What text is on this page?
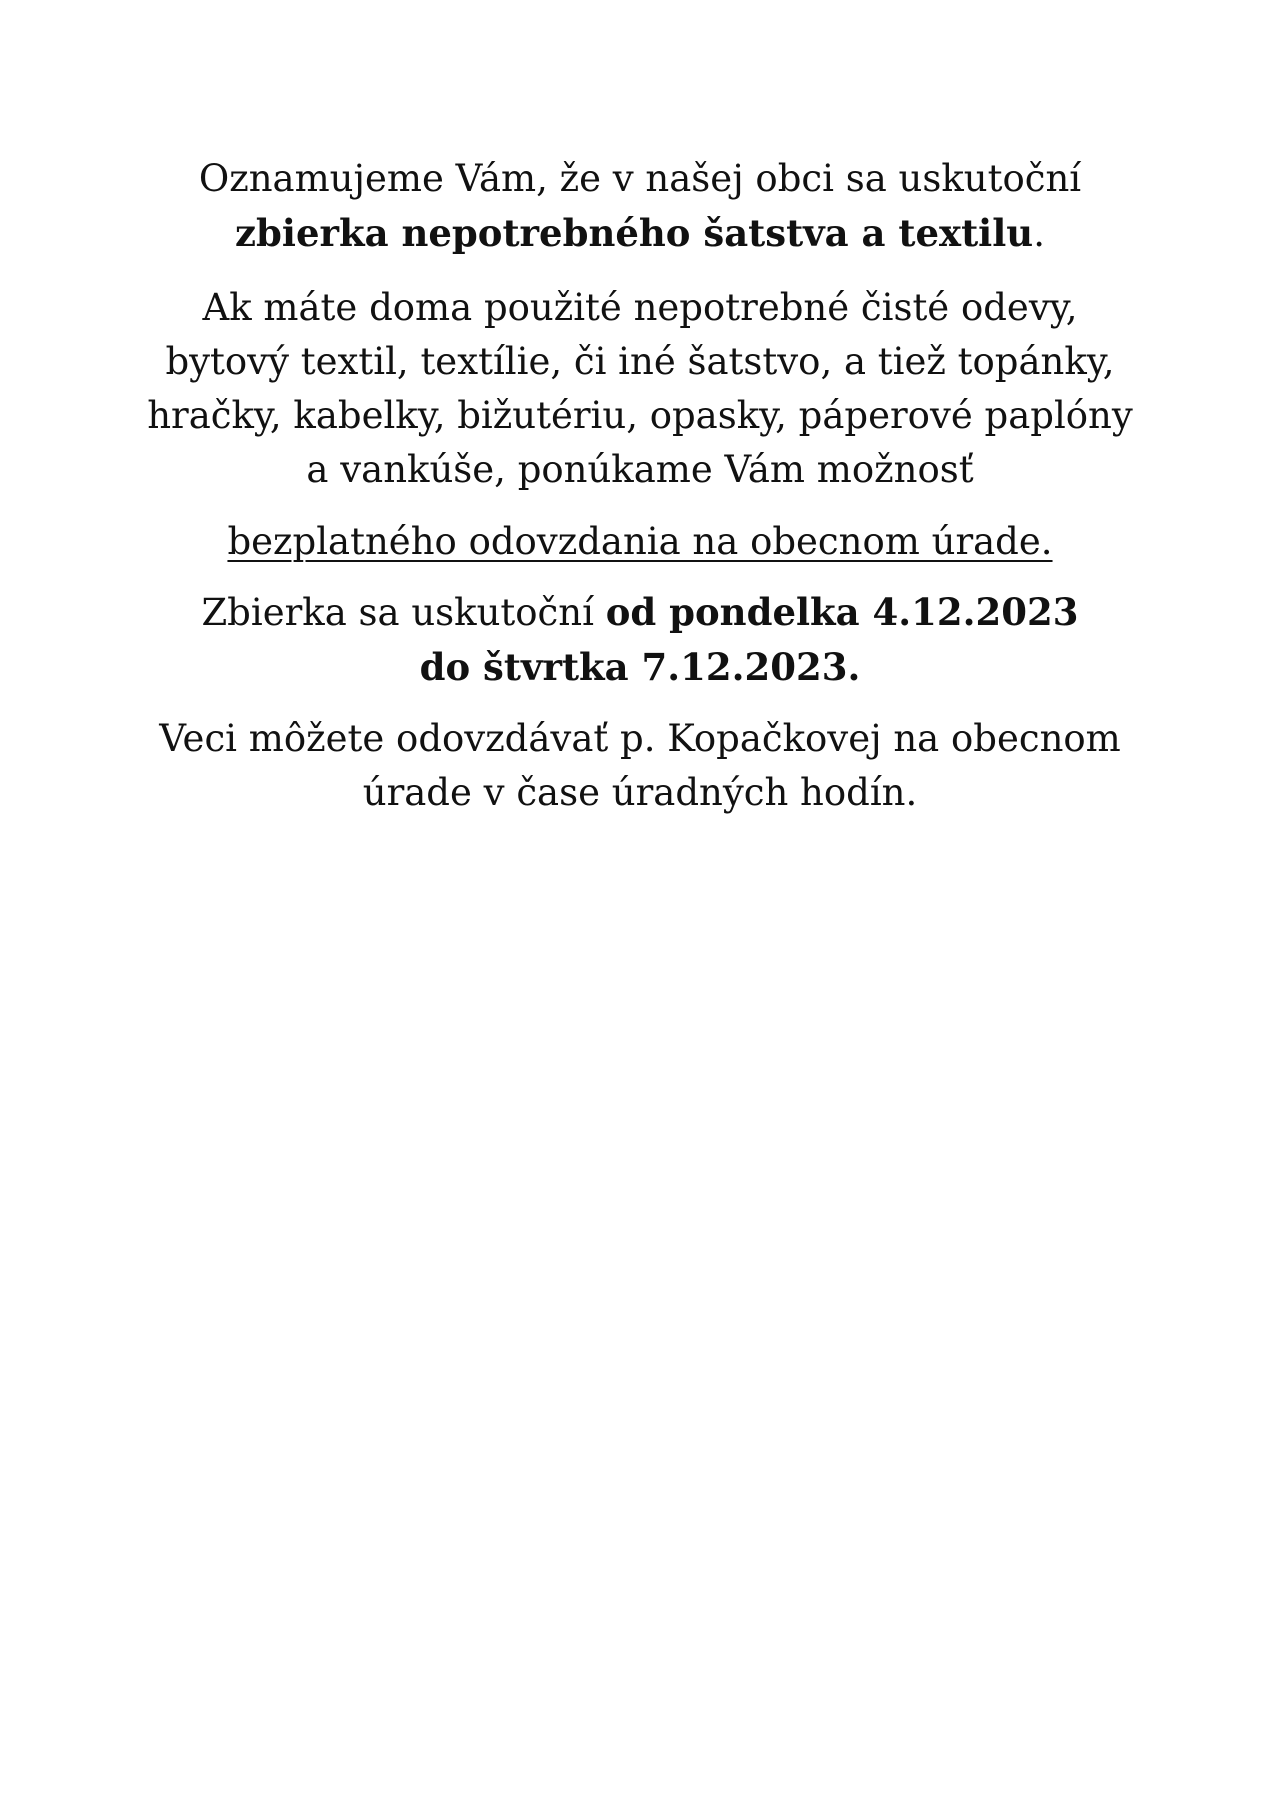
Oznamujeme Vám, že v našej obci sa uskutoční
zbierka nepotrebného šatstva a textilu.
Ak máte doma použité nepotrebné čisté odevy,
bytový textil, textílie, či iné šatstvo, a tiež topánky,
hračky, kabelky, bižutériu, opasky, páperové paplóny
a vankúše, ponúkame Vám možnosť
bezplatného odovzdania na obecnom úrade.
Zbierka sa uskutoční od pondelka 4.12.2023
do štvrtka 7.12.2023.
Veci môžete odovzdávať p. Kopačkovej na obecnom
úrade v čase úradných hodín.
